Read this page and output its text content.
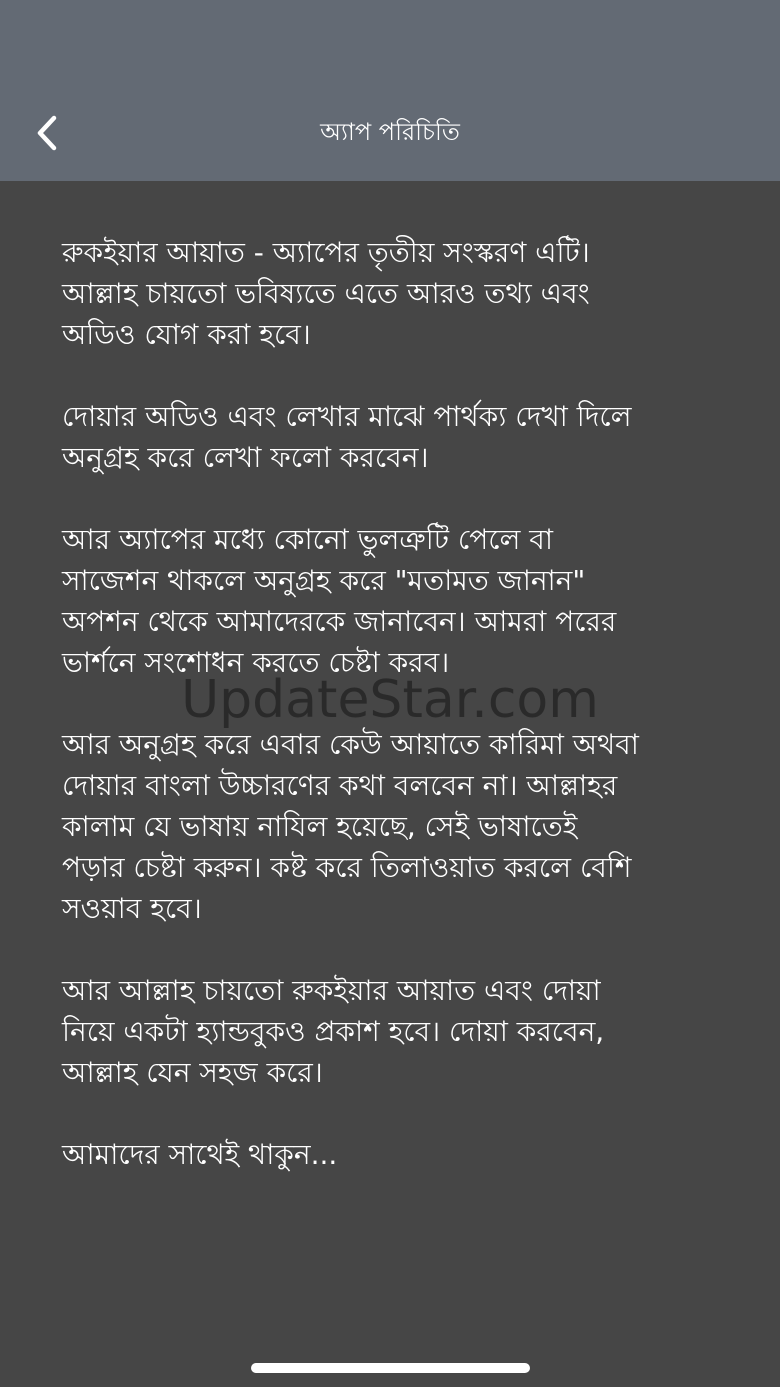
অ্যাপ পরিচিতি

রুকইয়ার আয়াত - অ্যাপের তৃতীয় সংস্করণ এটি।
আল্লাহ চায়তো ভবিষ্যতে এতে আরও তথ্য এবং
অডিও যোগ করা হবে।

দোয়ার অডিও এবং লেখার মাঝে পার্থক্য দেখা দিলে
অনুগ্রহ করে লেখা ফলো করবেন।

আর অ্যাপের মধ্যে কোনো ভুলত্রুটি পেলে বা
সাজেশন থাকলে অনুগ্রহ করে "মতামত জানান"
অপশন থেকে আমাদেরকে জানাবেন। আমরা পরের
ভার্শনে সংশোধন করতে চেষ্টা করব।

আর অনুগ্রহ করে এবার কেউ আয়াতে কারিমা অথবা
দোয়ার বাংলা উচ্চারণের কথা বলবেন না। আল্লাহর
কালাম যে ভাষায় নাযিল হয়েছে, সেই ভাষাতেই
পড়ার চেষ্টা করুন। কষ্ট করে তিলাওয়াত করলে বেশি
সওয়াব হবে।

আর আল্লাহ চায়তো রুকইয়ার আয়াত এবং দোয়া
নিয়ে একটা হ্যান্ডবুকও প্রকাশ হবে। দোয়া করবেন,
আল্লাহ যেন সহজ করে।

আমাদের সাথেই থাকুন...

UpdateStar.com
